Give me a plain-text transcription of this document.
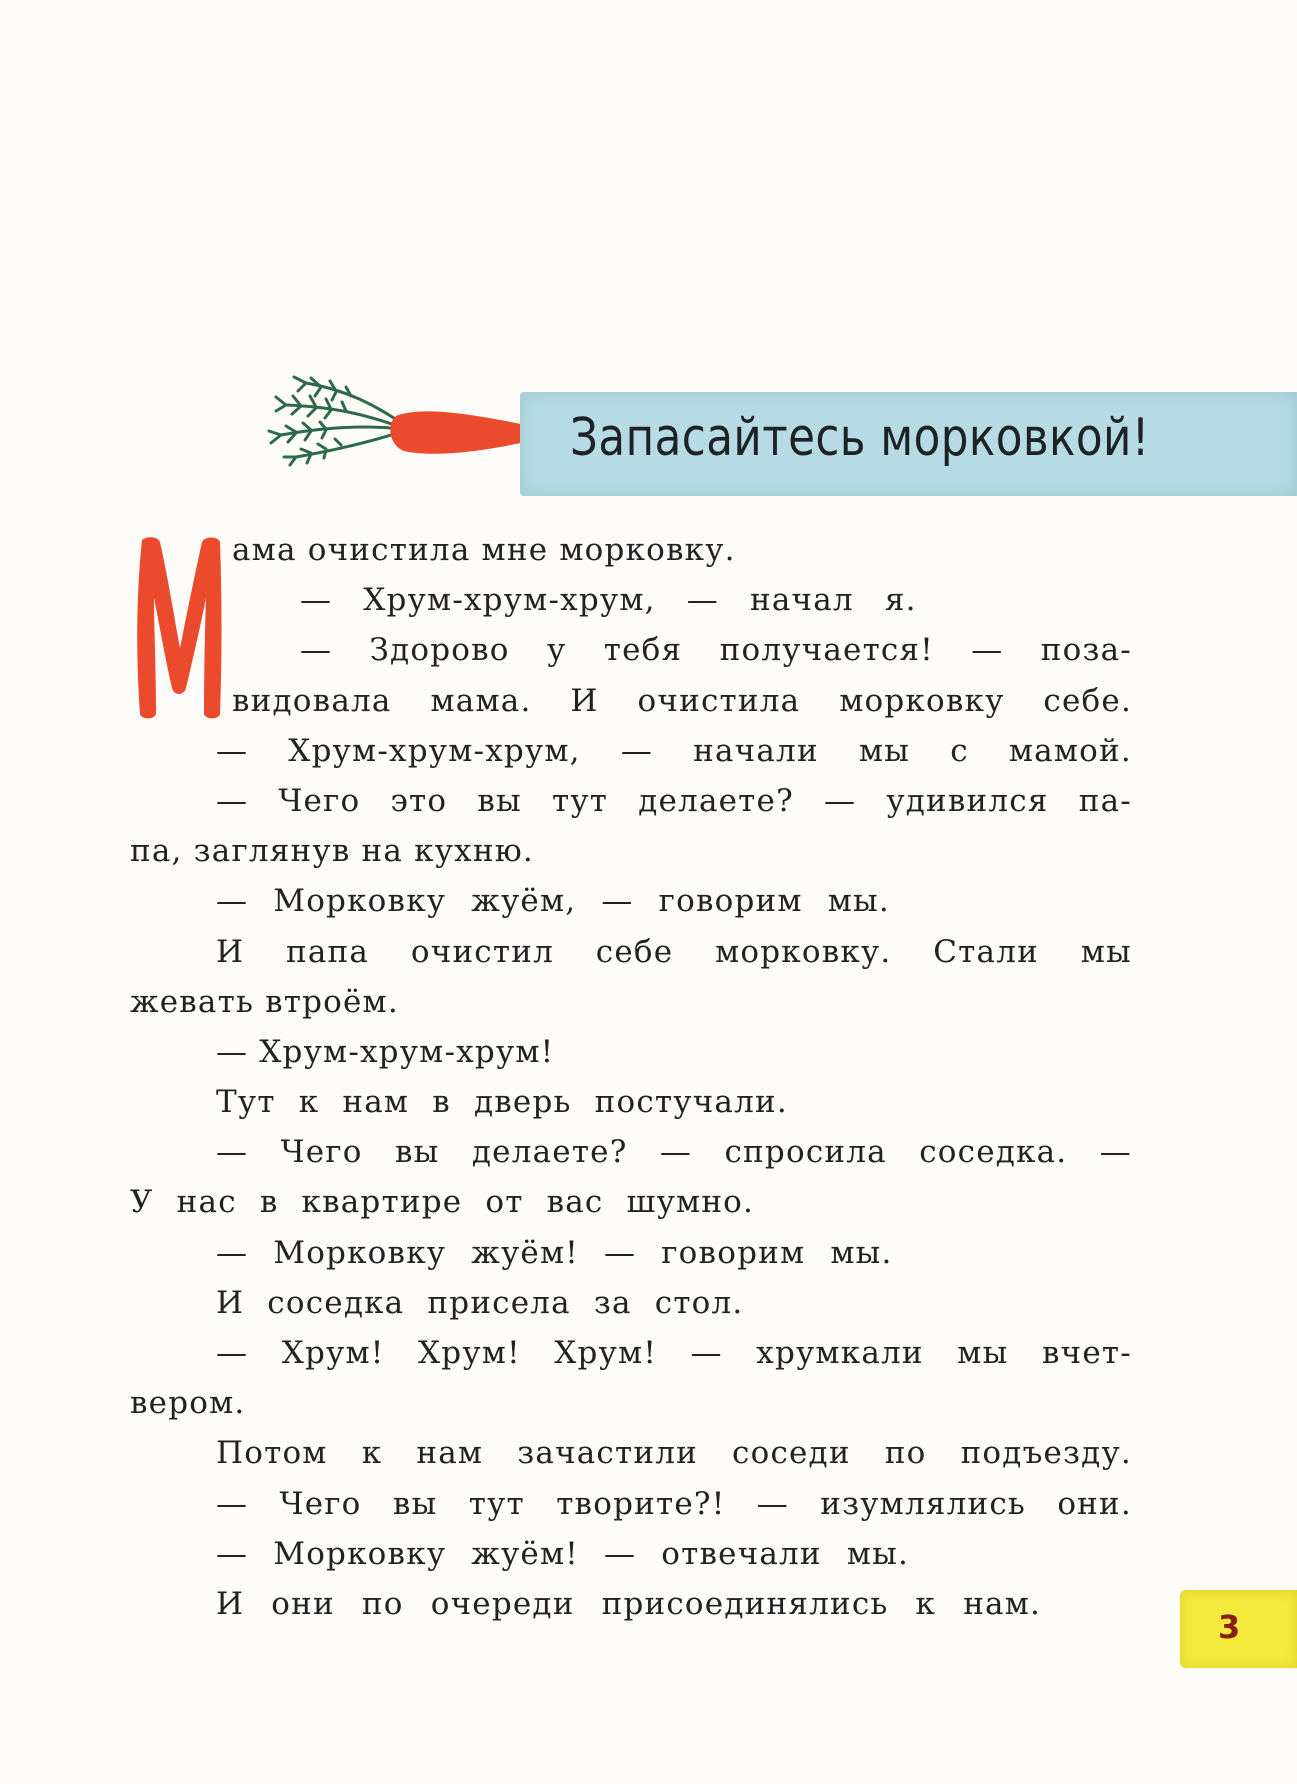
Запасайтесь морковкой!
ама очистила мне морковку.
— Хрум-хрум-хрум, — начал я.
— Здорово у тебя получается! — поза-
видовала мама. И очистила морковку себе.
— Хрум-хрум-хрум, — начали мы с мамой.
— Чего это вы тут делаете? — удивился па-
па, заглянув на кухню.
— Морковку жуём, — говорим мы.
И папа очистил себе морковку. Стали мы
жевать втроём.
— Хрум-хрум-хрум!
Тут к нам в дверь постучали.
— Чего вы делаете? — спросила соседка. —
У нас в квартире от вас шумно.
— Морковку жуём! — говорим мы.
И соседка присела за стол.
— Хрум! Хрум! Хрум! — хрумкали мы вчет-
вером.
Потом к нам зачастили соседи по подъезду.
— Чего вы тут творите?! — изумлялись они.
— Морковку жуём! — отвечали мы.
И они по очереди присоединялись к нам.
3
